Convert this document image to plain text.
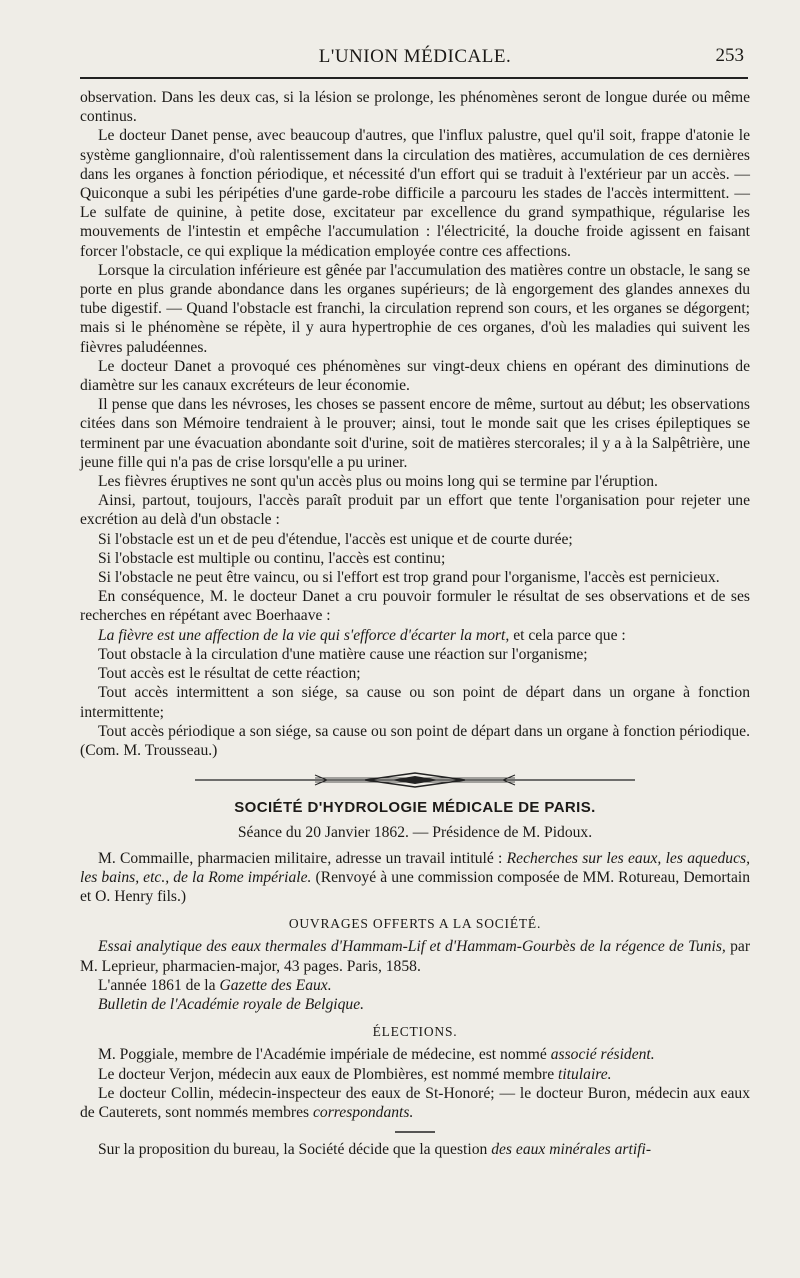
L'UNION MÉDICALE.	253

observation. Dans les deux cas, si la lésion se prolonge, les phénomènes seront de longue durée ou même continus.

Le docteur Danet pense, avec beaucoup d'autres, que l'influx palustre, quel qu'il soit, frappe d'atonie le système ganglionnaire, d'où ralentissement dans la circulation des matières, accumulation de ces dernières dans les organes à fonction périodique, et nécessité d'un effort qui se traduit à l'extérieur par un accès. — Quiconque a subi les péripéties d'une garde-robe difficile a parcouru les stades de l'accès intermittent. — Le sulfate de quinine, à petite dose, excitateur par excellence du grand sympathique, régularise les mouvements de l'intestin et empêche l'accumulation : l'électricité, la douche froide agissent en faisant forcer l'obstacle, ce qui explique la médication employée contre ces affections.

Lorsque la circulation inférieure est gênée par l'accumulation des matières contre un obstacle, le sang se porte en plus grande abondance dans les organes supérieurs; de là engorgement des glandes annexes du tube digestif. — Quand l'obstacle est franchi, la circulation reprend son cours, et les organes se dégorgent; mais si le phénomène se répète, il y aura hypertrophie de ces organes, d'où les maladies qui suivent les fièvres paludéennes.

Le docteur Danet a provoqué ces phénomènes sur vingt-deux chiens en opérant des diminutions de diamètre sur les canaux excréteurs de leur économie.

Il pense que dans les névroses, les choses se passent encore de même, surtout au début; les observations citées dans son Mémoire tendraient à le prouver; ainsi, tout le monde sait que les crises épileptiques se terminent par une évacuation abondante soit d'urine, soit de matières stercorales; il y a à la Salpêtrière, une jeune fille qui n'a pas de crise lorsqu'elle a pu uriner.

Les fièvres éruptives ne sont qu'un accès plus ou moins long qui se termine par l'éruption.

Ainsi, partout, toujours, l'accès paraît produit par un effort que tente l'organisation pour rejeter une excrétion au delà d'un obstacle :

Si l'obstacle est un et de peu d'étendue, l'accès est unique et de courte durée;

Si l'obstacle est multiple ou continu, l'accès est continu;

Si l'obstacle ne peut être vaincu, ou si l'effort est trop grand pour l'organisme, l'accès est pernicieux.

En conséquence, M. le docteur Danet a cru pouvoir formuler le résultat de ses observations et de ses recherches en répétant avec Boerhaave :

La fièvre est une affection de la vie qui s'efforce d'écarter la mort, et cela parce que :

Tout obstacle à la circulation d'une matière cause une réaction sur l'organisme;

Tout accès est le résultat de cette réaction;

Tout accès intermittent a son siége, sa cause ou son point de départ dans un organe à fonction intermittente;

Tout accès périodique a son siége, sa cause ou son point de départ dans un organe à fonction périodique. (Com. M. Trousseau.)

SOCIÉTÉ D'HYDROLOGIE MÉDICALE DE PARIS.
Séance du 20 Janvier 1862. — Présidence de M. Pidoux.

M. Commaille, pharmacien militaire, adresse un travail intitulé : Recherches sur les eaux, les aqueducs, les bains, etc., de la Rome impériale. (Renvoyé à une commission composée de MM. Rotureau, Demortain et O. Henry fils.)

OUVRAGES OFFERTS A LA SOCIÉTÉ.

Essai analytique des eaux thermales d'Hammam-Lif et d'Hammam-Gourbès de la régence de Tunis, par M. Leprieur, pharmacien-major, 43 pages. Paris, 1858.

L'année 1861 de la Gazette des Eaux.

Bulletin de l'Académie royale de Belgique.

ÉLECTIONS.

M. Poggiale, membre de l'Académie impériale de médecine, est nommé associé résident.

Le docteur Verjon, médecin aux eaux de Plombières, est nommé membre titulaire.

Le docteur Collin, médecin-inspecteur des eaux de St-Honoré; — le docteur Buron, médecin aux eaux de Cauterets, sont nommés membres correspondants.

Sur la proposition du bureau, la Société décide que la question des eaux minérales artifi-
